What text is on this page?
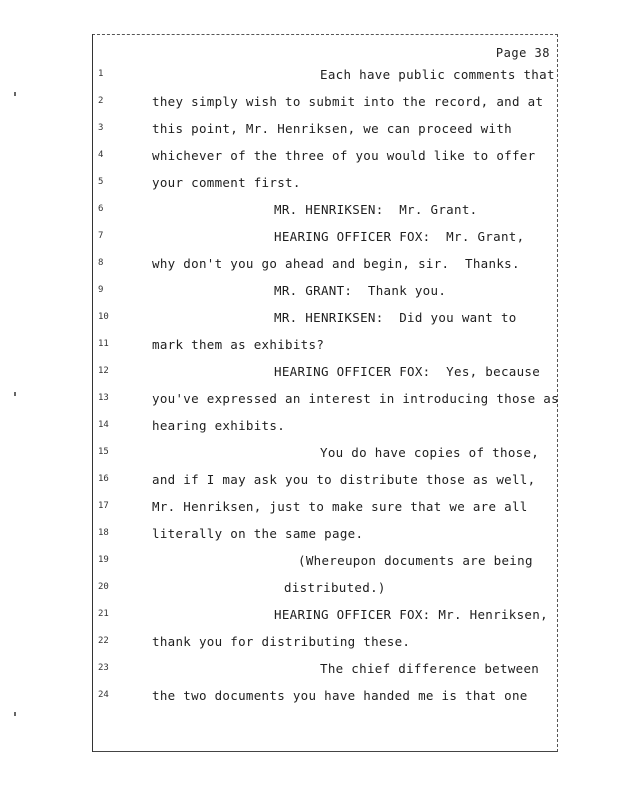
Page 38
1	Each have public comments that
2	they simply wish to submit into the record, and at
3	this point, Mr. Henriksen, we can proceed with
4	whichever of the three of you would like to offer
5	your comment first.
6	MR. HENRIKSEN:  Mr. Grant.
7	HEARING OFFICER FOX:  Mr. Grant,
8	why don't you go ahead and begin, sir.  Thanks.
9	MR. GRANT:  Thank you.
10	MR. HENRIKSEN:  Did you want to
11	mark them as exhibits?
12	HEARING OFFICER FOX:  Yes, because
13	you've expressed an interest in introducing those as
14	hearing exhibits.
15	You do have copies of those,
16	and if I may ask you to distribute those as well,
17	Mr. Henriksen, just to make sure that we are all
18	literally on the same page.
19	(Whereupon documents are being
20	distributed.)
21	HEARING OFFICER FOX: Mr. Henriksen,
22	thank you for distributing these.
23	The chief difference between
24	the two documents you have handed me is that one
